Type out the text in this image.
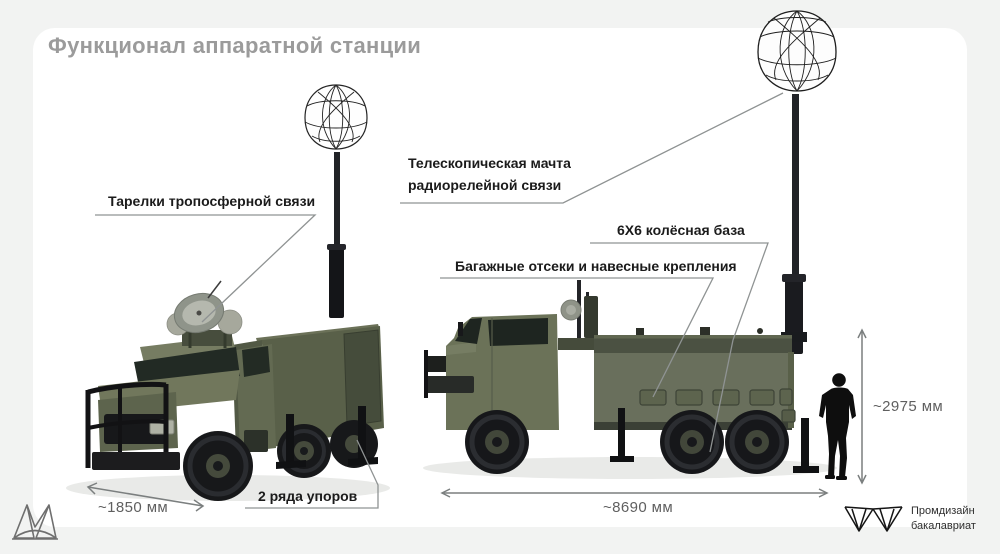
Функционал аппаратной станции
Тарелки тропосферной связи
Телескопическая мачта радиорелейной связи
6X6 колёсная база
Багажные отсеки и навесные крепления
2 ряда упоров
~1850 мм	~8690 мм
~2975 мм
Промдизайн
бакалавриат
